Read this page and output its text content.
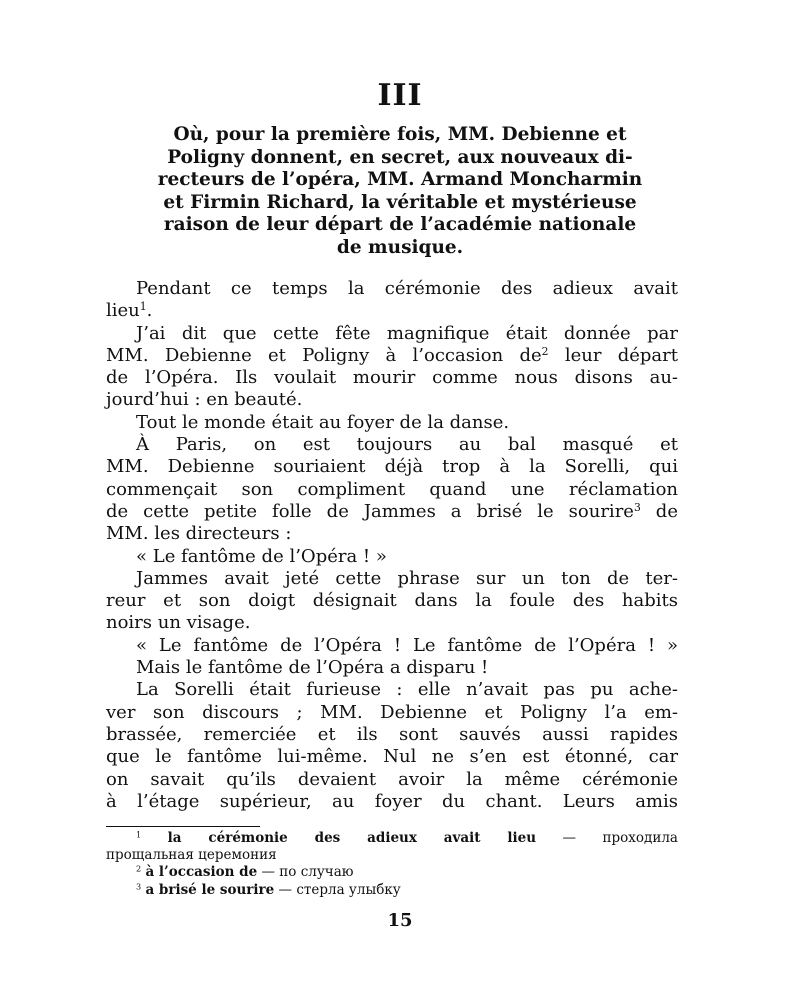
III
Où, pour la première fois, MM. Debienne et
Poligny donnent, en secret, aux nouveaux di-
recteurs de l’opéra, MM. Armand Moncharmin
et Firmin Richard, la véritable et mystérieuse
raison de leur départ de l’académie nationale
de musique.
Pendant ce temps la cérémonie des adieux avait
lieu$^1$.
J’ai dit que cette fête magnifique était donnée par
MM. Debienne et Poligny à l’occasion $de^2$ leur départ
de l’Opéra. Ils voulait mourir comme nous disons au-
jourd’hui : en beauté.
Tout le monde était au foyer de la danse.
À Paris, on est toujours au bal masqué et
MM. Debienne souriaient déjà trop à la Sorelli, qui
commençait son compliment quand une réclamation
de cette petite folle de Jammes a brisé le sourire$^3$ de
MM. les directeurs :
« Le fantôme de l’Opéra ! »
Jammes avait jeté cette phrase sur un ton de ter-
reur et son doigt désignait dans la foule des habits
noirs un visage.
« Le fantôme de l’Opéra ! Le fantôme de l’Opéra ! »
Mais le fantôme de l’Opéra a disparu !
La Sorelli était furieuse : elle n’avait pas pu ache-
ver son discours ; MM. Debienne et Poligny l’a em-
brassée, remerciée et ils sont sauvés aussi rapides
que le fantôme lui-même. Nul ne s’en est étonné, car
on savait qu’ils devaient avoir la même cérémonie
à l’étage supérieur, au foyer du chant. Leurs amis
$^1$ la cérémonie des adieux avait lieu — проходила
прощальная церемония
$^2$ à l’occasion de — по случаю
$^3$ a brisé le sourire — стерла улыбку
15
